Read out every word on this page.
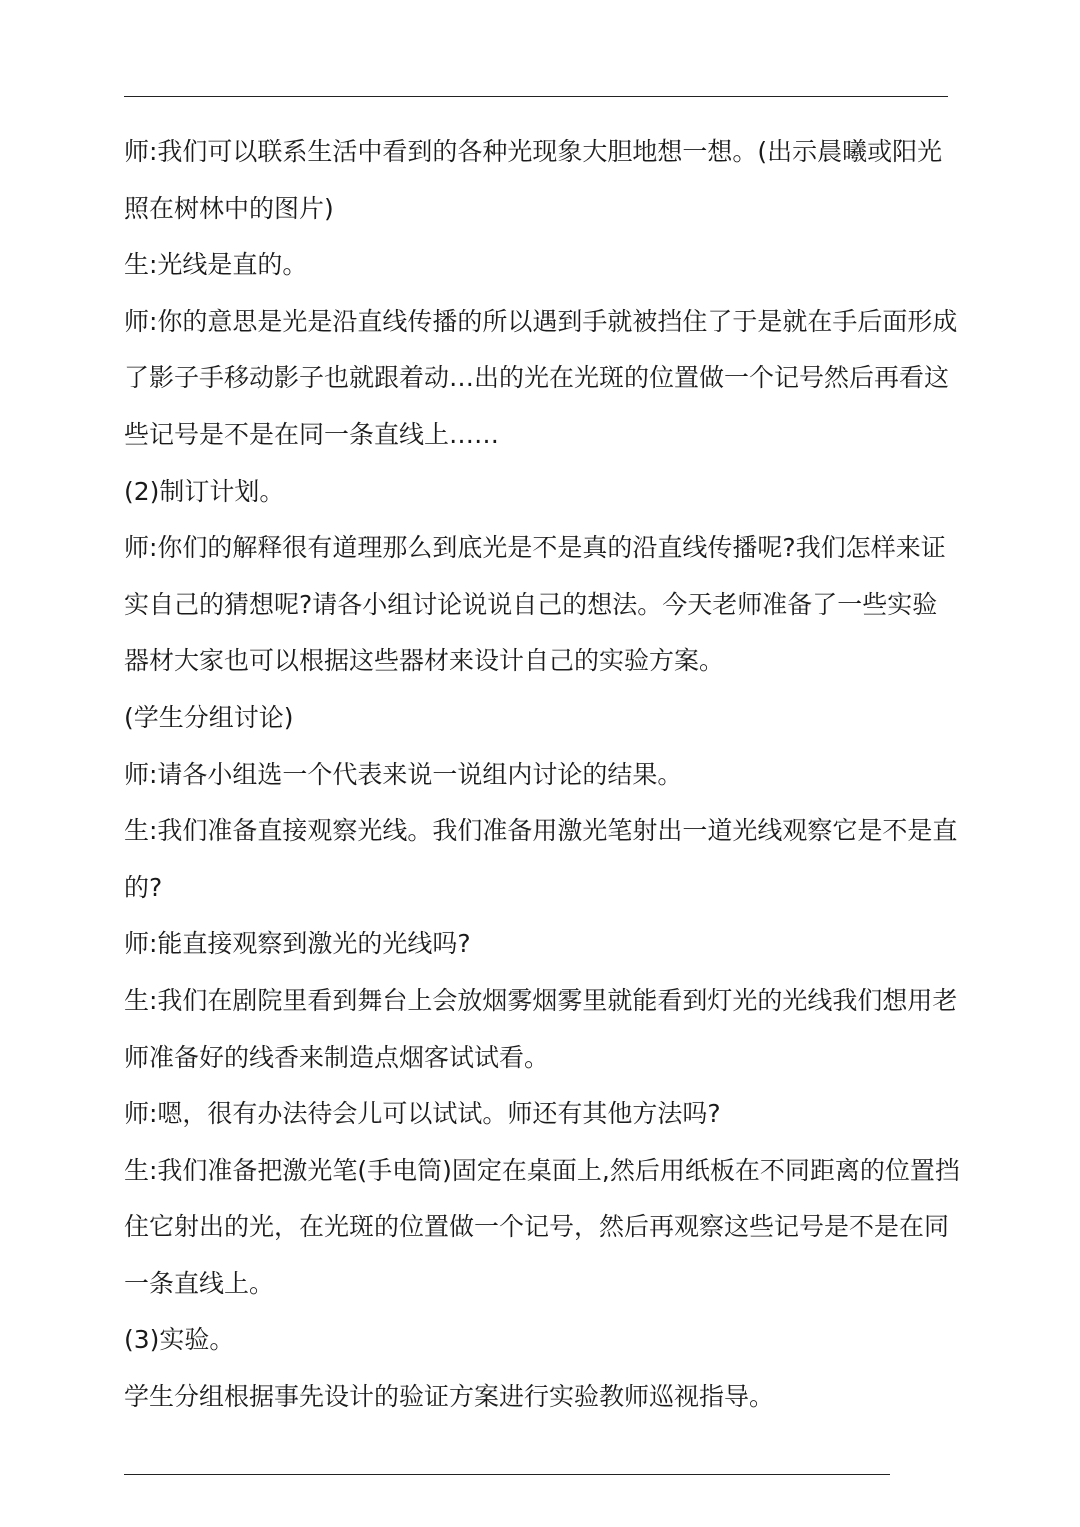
师:我们可以联系生活中看到的各种光现象大胆地想一想。(出示晨曦或阳光照在树林中的图片)

生:光线是直的。

师:你的意思是光是沿直线传播的所以遇到手就被挡住了于是就在手后面形成了影子手移动影子也就跟着动…出的光在光斑的位置做一个记号然后再看这些记号是不是在同一条直线上……

(2)制订计划。

师:你们的解释很有道理那么到底光是不是真的沿直线传播呢?我们怎样来证实自己的猜想呢?请各小组讨论说说自己的想法。今天老师准备了一些实验器材大家也可以根据这些器材来设计自己的实验方案。

(学生分组讨论)

师:请各小组选一个代表来说一说组内讨论的结果。

生:我们准备直接观察光线。我们准备用激光笔射出一道光线观察它是不是直的?

师:能直接观察到激光的光线吗?

生:我们在剧院里看到舞台上会放烟雾烟雾里就能看到灯光的光线我们想用老师准备好的线香来制造点烟客试试看。

师:嗯，很有办法待会儿可以试试。师还有其他方法吗?

生:我们准备把激光笔(手电筒)固定在桌面上,然后用纸板在不同距离的位置挡住它射出的光，在光斑的位置做一个记号，然后再观察这些记号是不是在同一条直线上。

(3)实验。

学生分组根据事先设计的验证方案进行实验教师巡视指导。
